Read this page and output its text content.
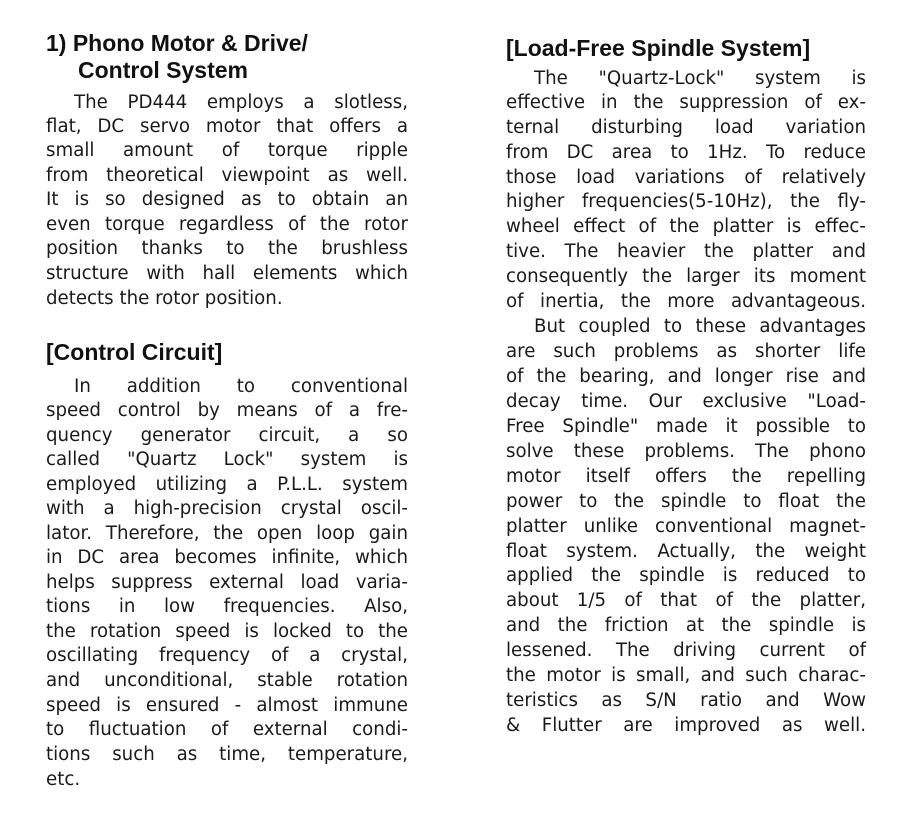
1) Phono Motor & Drive/
Control System
The PD444 employs a slotless,
flat, DC servo motor that offers a
small amount of torque ripple
from theoretical viewpoint as well.
It is so designed as to obtain an
even torque regardless of the rotor
position thanks to the brushless
structure with hall elements which
detects the rotor position.
[Control Circuit]
In addition to conventional
speed control by means of a fre-
quency generator circuit, a so
called "Quartz Lock" system is
employed utilizing a P.L.L. system
with a high-precision crystal oscil-
lator. Therefore, the open loop gain
in DC area becomes infinite, which
helps suppress external load varia-
tions in low frequencies. Also,
the rotation speed is locked to the
oscillating frequency of a crystal,
and unconditional, stable rotation
speed is ensured - almost immune
to fluctuation of external condi-
tions such as time, temperature,
etc.
[Load-Free Spindle System]
The "Quartz-Lock" system is
effective in the suppression of ex-
ternal disturbing load variation
from DC area to 1Hz. To reduce
those load variations of relatively
higher frequencies(5-10Hz), the fly-
wheel effect of the platter is effec-
tive. The heavier the platter and
consequently the larger its moment
of inertia, the more advantageous.
But coupled to these advantages
are such problems as shorter life
of the bearing, and longer rise and
decay time. Our exclusive "Load-
Free Spindle" made it possible to
solve these problems. The phono
motor itself offers the repelling
power to the spindle to float the
platter unlike conventional magnet-
float system. Actually, the weight
applied the spindle is reduced to
about 1/5 of that of the platter,
and the friction at the spindle is
lessened. The driving current of
the motor is small, and such charac-
teristics as S/N ratio and Wow
& Flutter are improved as well.
